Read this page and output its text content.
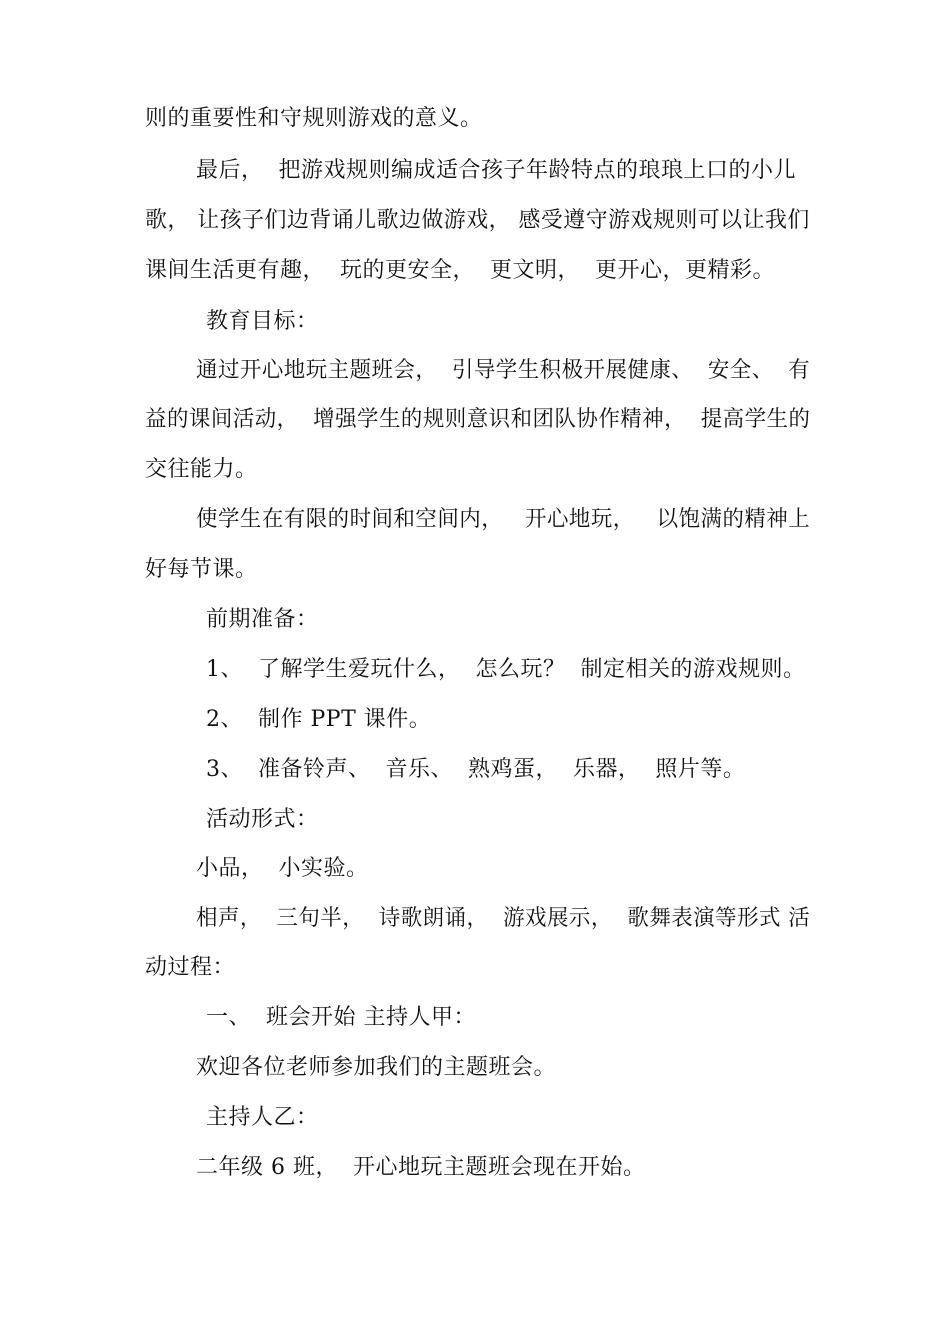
则的重要性和守规则游戏的意义。
最后，  把游戏规则编成适合孩子年龄特点的琅琅上口的小儿
歌， 让孩子们边背诵儿歌边做游戏， 感受遵守游戏规则可以让我们
课间生活更有趣，  玩的更安全，  更文明，  更开心，更精彩。
教育目标：
通过开心地玩主题班会，  引导学生积极开展健康、  安全、  有
益的课间活动，  增强学生的规则意识和团队协作精神，  提高学生的
交往能力。
使学生在有限的时间和空间内，   开心地玩，   以饱满的精神上
好每节课。
前期准备：
1、  了解学生爱玩什么，  怎么玩？  制定相关的游戏规则。
2、  制作 PPT 课件。
3、  准备铃声、  音乐、  熟鸡蛋，  乐器，  照片等。
活动形式：
小品，  小实验。
相声，  三句半，  诗歌朗诵，  游戏展示，  歌舞表演等形式 活
动过程：
一、  班会开始 主持人甲：
欢迎各位老师参加我们的主题班会。
主持人乙：
二年级 6 班，  开心地玩主题班会现在开始。
